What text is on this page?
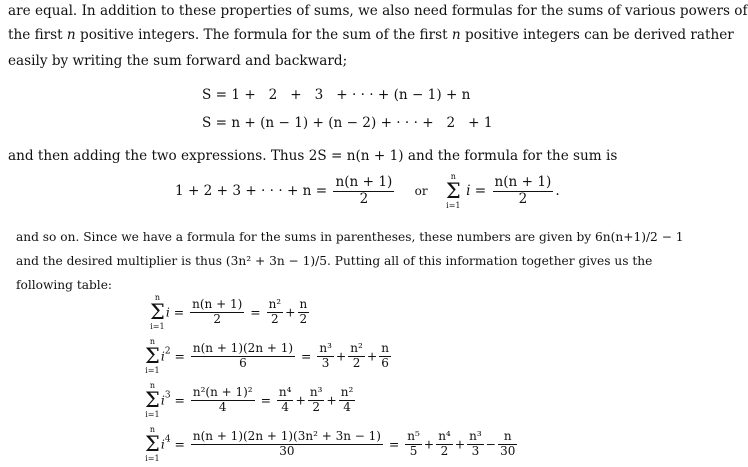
are equal. In addition to these properties of sums, we also need formulas for the sums of various powers of
the first n positive integers. The formula for the sum of the first n positive integers can be derived rather
easily by writing the sum forward and backward;
S = 1 +   2   +   3   + · · · + (n − 1) + n
S = n + (n − 1) + (n − 2) + · · · +   2   + 1
and then adding the two expressions. Thus 2S = n(n + 1) and the formula for the sum is
1 + 2 + 3 + · · · + $n = \frac{n(n + 1)}{2}$ or
n
Σ
i=1
$i = \frac{n(n + 1)}{2}$ .
and so on. Since we have a formula for the sums in parentheses, these numbers are given by 6n(n+1)/2 − 1
and the desired multiplier is thus (3n² + 3n − 1)/5. Putting all of this information together gives us the
following table:
n
Σ
i=1
$i = \frac{n(n + 1)}{2} = \frac{\text{n²}}{2} + \frac{n}{2}$
n
Σ
i=1
$i^2 = \frac{n(n + 1)(2n + 1)}{6} = \frac{\text{n³}}{3} + \frac{\text{n²}}{2} + \frac{n}{6}$
n
Σ
i=1
$i^3 = \frac{\text{n²(n + 1)²}}{4} = \frac{\text{n⁴}}{4} + \frac{\text{n³}}{2} + \frac{\text{n²}}{4}$
n
Σ
i=1
$i^4 = \frac{\text{n(n + 1)(2n + 1)(3n² + 3n − 1)}}{30} = \frac{\text{n⁵}}{5} + \frac{\text{n⁴}}{2} + \frac{\text{n³}}{3} - \frac{n}{30}$
